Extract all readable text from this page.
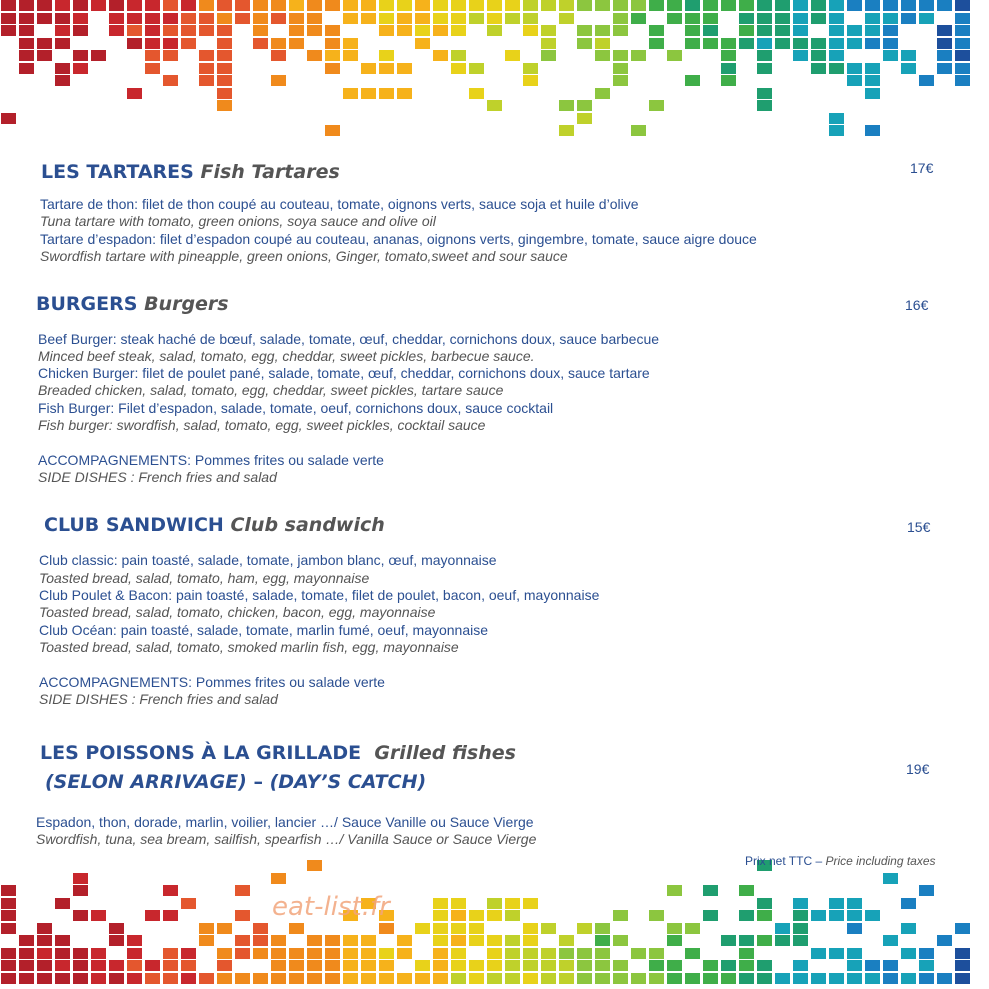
LES TARTARES Fish Tartares	17€
Tartare de thon: filet de thon coupé au couteau, tomate, oignons verts, sauce soja et huile d’olive
Tuna tartare with tomato, green onions, soya sauce and olive oil
Tartare d’espadon: filet d’espadon coupé au couteau, ananas, oignons verts, gingembre, tomate, sauce aigre douce
Swordfish tartare with pineapple, green onions, Ginger, tomato,sweet and sour sauce
BURGERS Burgers	16€
Beef Burger: steak haché de bœuf, salade, tomate, œuf, cheddar, cornichons doux, sauce barbecue
Minced beef steak, salad, tomato, egg, cheddar, sweet pickles, barbecue sauce.
Chicken Burger: filet de poulet pané, salade, tomate, œuf, cheddar, cornichons doux, sauce tartare
Breaded chicken, salad, tomato, egg, cheddar, sweet pickles, tartare sauce
Fish Burger: Filet d’espadon, salade, tomate, oeuf, cornichons doux, sauce cocktail
Fish burger: swordfish, salad, tomato, egg, sweet pickles, cocktail sauce
ACCOMPAGNEMENTS: Pommes frites ou salade verte
SIDE DISHES : French fries and salad
CLUB SANDWICH Club sandwich	15€
Club classic: pain toasté, salade, tomate, jambon blanc, œuf, mayonnaise
Toasted bread, salad, tomato, ham, egg, mayonnaise
Club Poulet & Bacon: pain toasté, salade, tomate, filet de poulet, bacon, oeuf, mayonnaise
Toasted bread, salad, tomato, chicken, bacon, egg, mayonnaise
Club Océan: pain toasté, salade, tomate, marlin fumé, oeuf, mayonnaise
Toasted bread, salad, tomato, smoked marlin fish, egg, mayonnaise
ACCOMPAGNEMENTS: Pommes frites ou salade verte
SIDE DISHES : French fries and salad
LES POISSONS À LA GRILLADE Grilled fishes
(SELON ARRIVAGE) – (DAY’S CATCH)
19€
Espadon, thon, dorade, marlin, voilier, lancier …/ Sauce Vanille ou Sauce Vierge
Swordfish, tuna, sea bream, sailfish, spearfish …/ Vanilla Sauce or Sauce Vierge
Prix net TTC – Price including taxes
eat-list.fr
